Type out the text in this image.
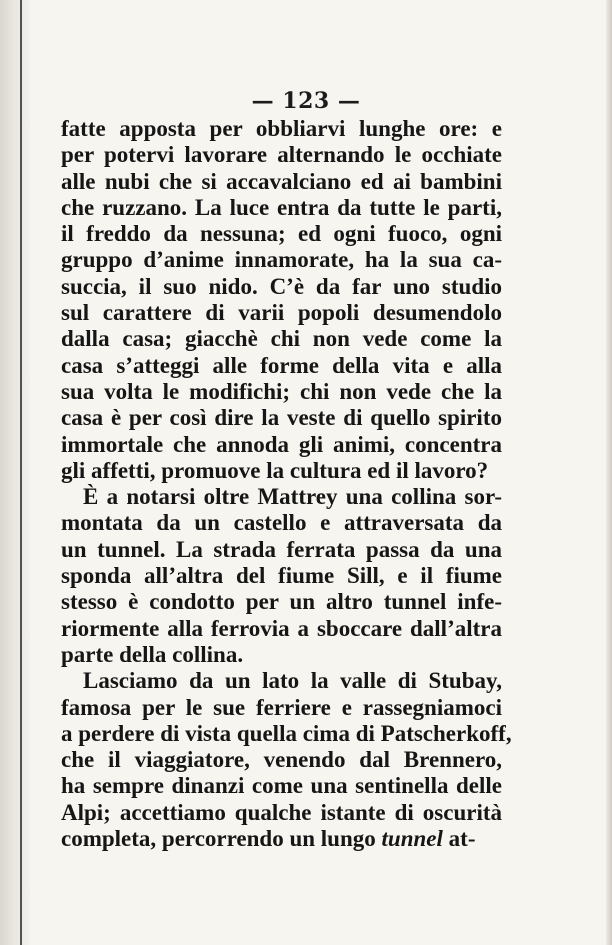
— 123 —
fatte apposta per obbliarvi lunghe ore: e
per potervi lavorare alternando le occhiate
alle nubi che si accavalciano ed ai bambini
che ruzzano. La luce entra da tutte le parti,
il freddo da nessuna; ed ogni fuoco, ogni
gruppo d’anime innamorate, ha la sua ca-
succia, il suo nido. C’è da far uno studio
sul carattere di varii popoli desumendolo
dalla casa; giacchè chi non vede come la
casa s’atteggi alle forme della vita e alla
sua volta le modifichi; chi non vede che la
casa è per così dire la veste di quello spirito
immortale che annoda gli animi, concentra
gli affetti, promuove la cultura ed il lavoro?
È a notarsi oltre Mattrey una collina sor-
montata da un castello e attraversata da
un tunnel. La strada ferrata passa da una
sponda all’altra del fiume Sill, e il fiume
stesso è condotto per un altro tunnel infe-
riormente alla ferrovia a sboccare dall’altra
parte della collina.
Lasciamo da un lato la valle di Stubay,
famosa per le sue ferriere e rassegniamoci
a perdere di vista quella cima di Patscherkoff,
che il viaggiatore, venendo dal Brennero,
ha sempre dinanzi come una sentinella delle
Alpi; accettiamo qualche istante di oscurità
completa, percorrendo un lungo tunnel at-
